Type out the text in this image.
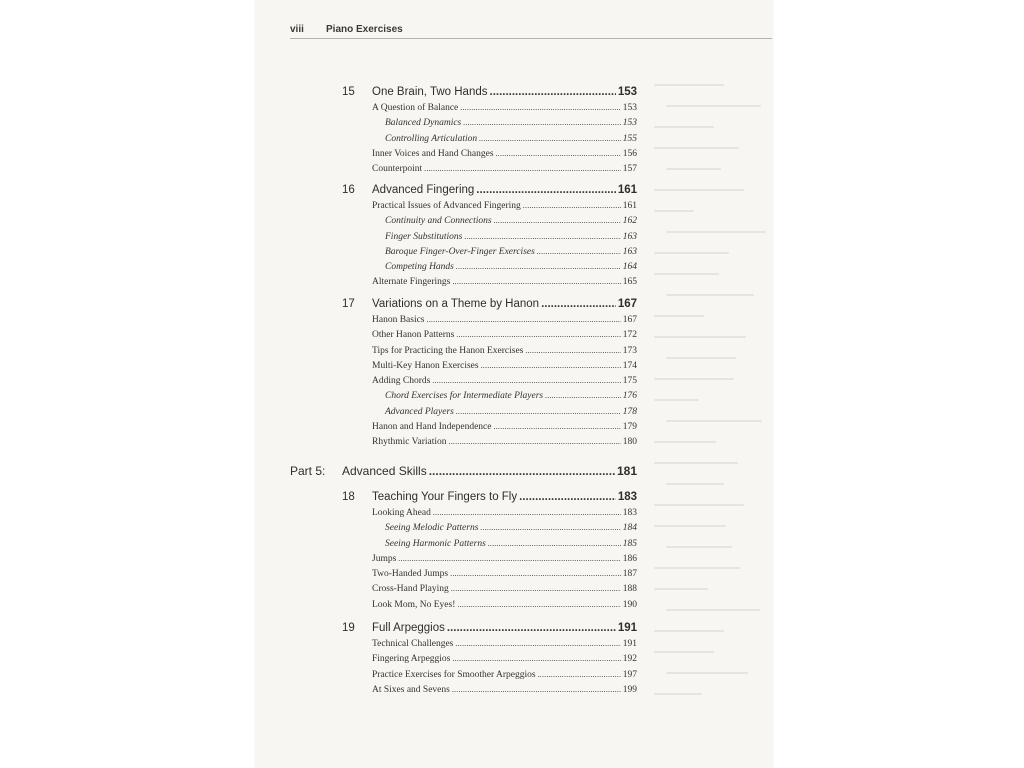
viii Piano Exercises
15 One Brain, Two Hands .....	153
A Question of Balance .....	153
Balanced Dynamics .....	153
Controlling Articulation .....	155
Inner Voices and Hand Changes .....	156
Counterpoint .....	157
16 Advanced Fingering .....	161
Practical Issues of Advanced Fingering .....	161
Continuity and Connections .....	162
Finger Substitutions .....	163
Baroque Finger-Over-Finger Exercises .....	163
Competing Hands .....	164
Alternate Fingerings .....	165
17 Variations on a Theme by Hanon .....	167
Hanon Basics .....	167
Other Hanon Patterns .....	172
Tips for Practicing the Hanon Exercises .....	173
Multi-Key Hanon Exercises .....	174
Adding Chords .....	175
Chord Exercises for Intermediate Players .....	176
Advanced Players .....	178
Hanon and Hand Independence .....	179
Rhythmic Variation .....	180
Part 5: Advanced Skills .....	181
18 Teaching Your Fingers to Fly .....	183
Looking Ahead .....	183
Seeing Melodic Patterns .....	184
Seeing Harmonic Patterns .....	185
Jumps .....	186
Two-Handed Jumps .....	187
Cross-Hand Playing .....	188
Look Mom, No Eyes! .....	190
19 Full Arpeggios .....	191
Technical Challenges .....	191
Fingering Arpeggios .....	192
Practice Exercises for Smoother Arpeggios .....	197
At Sixes and Sevens .....	199
